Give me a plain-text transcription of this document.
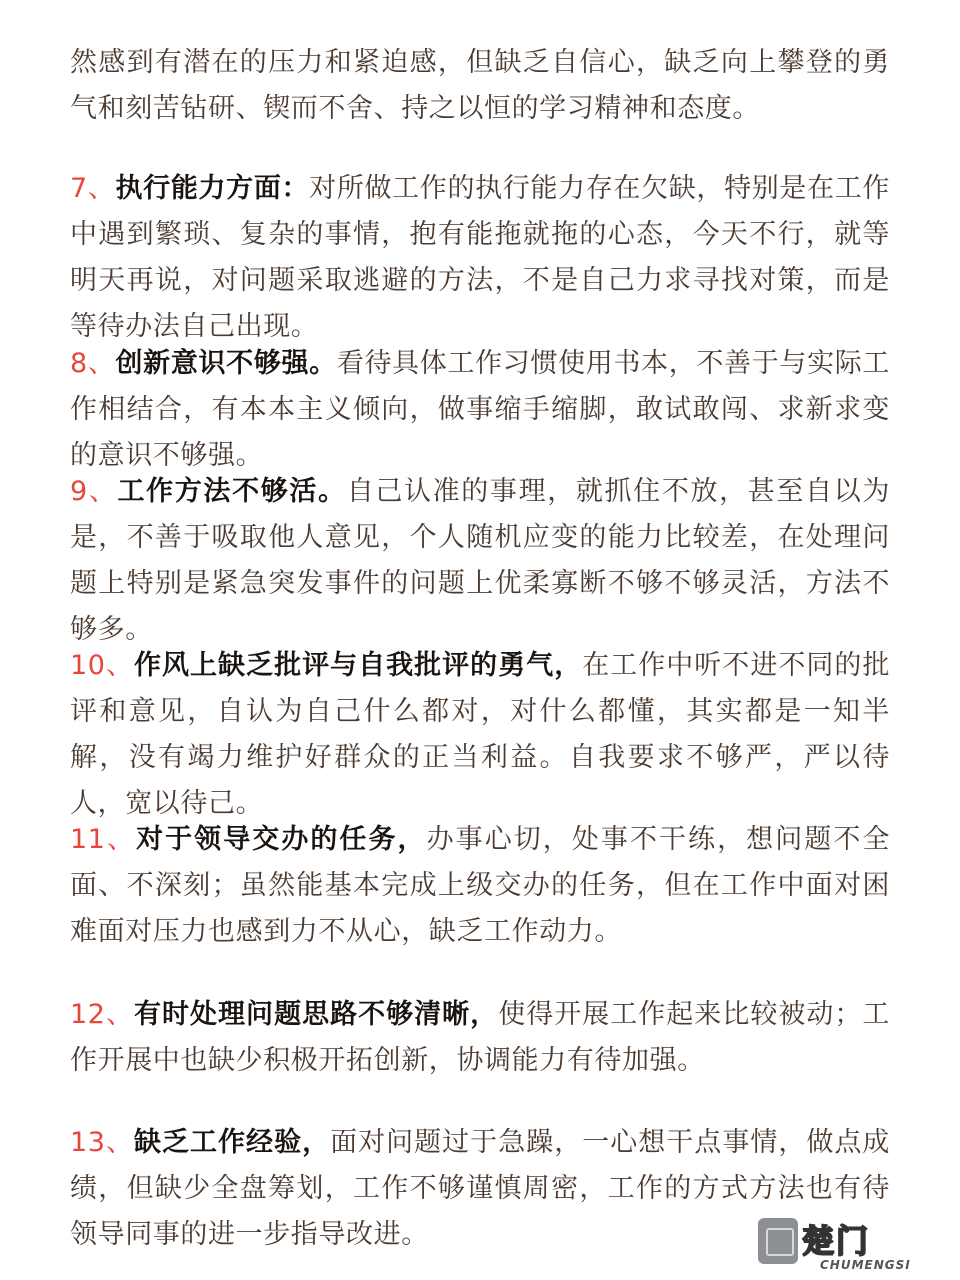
然感到有潜在的压力和紧迫感，但缺乏自信心，缺乏向上攀登的勇气和刻苦钻研、锲而不舍、持之以恒的学习精神和态度。

7、执行能力方面：对所做工作的执行能力存在欠缺，特别是在工作中遇到繁琐、复杂的事情，抱有能拖就拖的心态，今天不行，就等明天再说，对问题采取逃避的方法，不是自己力求寻找对策，而是等待办法自己出现。

8、创新意识不够强。看待具体工作习惯使用书本，不善于与实际工作相结合，有本本主义倾向，做事缩手缩脚，敢试敢闯、求新求变的意识不够强。

9、工作方法不够活。自己认准的事理，就抓住不放，甚至自以为是，不善于吸取他人意见，个人随机应变的能力比较差，在处理问题上特别是紧急突发事件的问题上优柔寡断不够不够灵活，方法不够多。

10、作风上缺乏批评与自我批评的勇气，在工作中听不进不同的批评和意见，自认为自己什么都对，对什么都懂，其实都是一知半解，没有竭力维护好群众的正当利益。自我要求不够严，严以待人，宽以待己。

11、对于领导交办的任务，办事心切，处事不干练，想问题不全面、不深刻；虽然能基本完成上级交办的任务，但在工作中面对困难面对压力也感到力不从心，缺乏工作动力。

12、有时处理问题思路不够清晰，使得开展工作起来比较被动；工作开展中也缺少积极开拓创新，协调能力有待加强。

13、缺乏工作经验，面对问题过于急躁，一心想干点事情，做点成绩，但缺少全盘筹划，工作不够谨慎周密，工作的方式方法也有待领导同事的进一步指导改进。	楚门
CHUMENGSI
